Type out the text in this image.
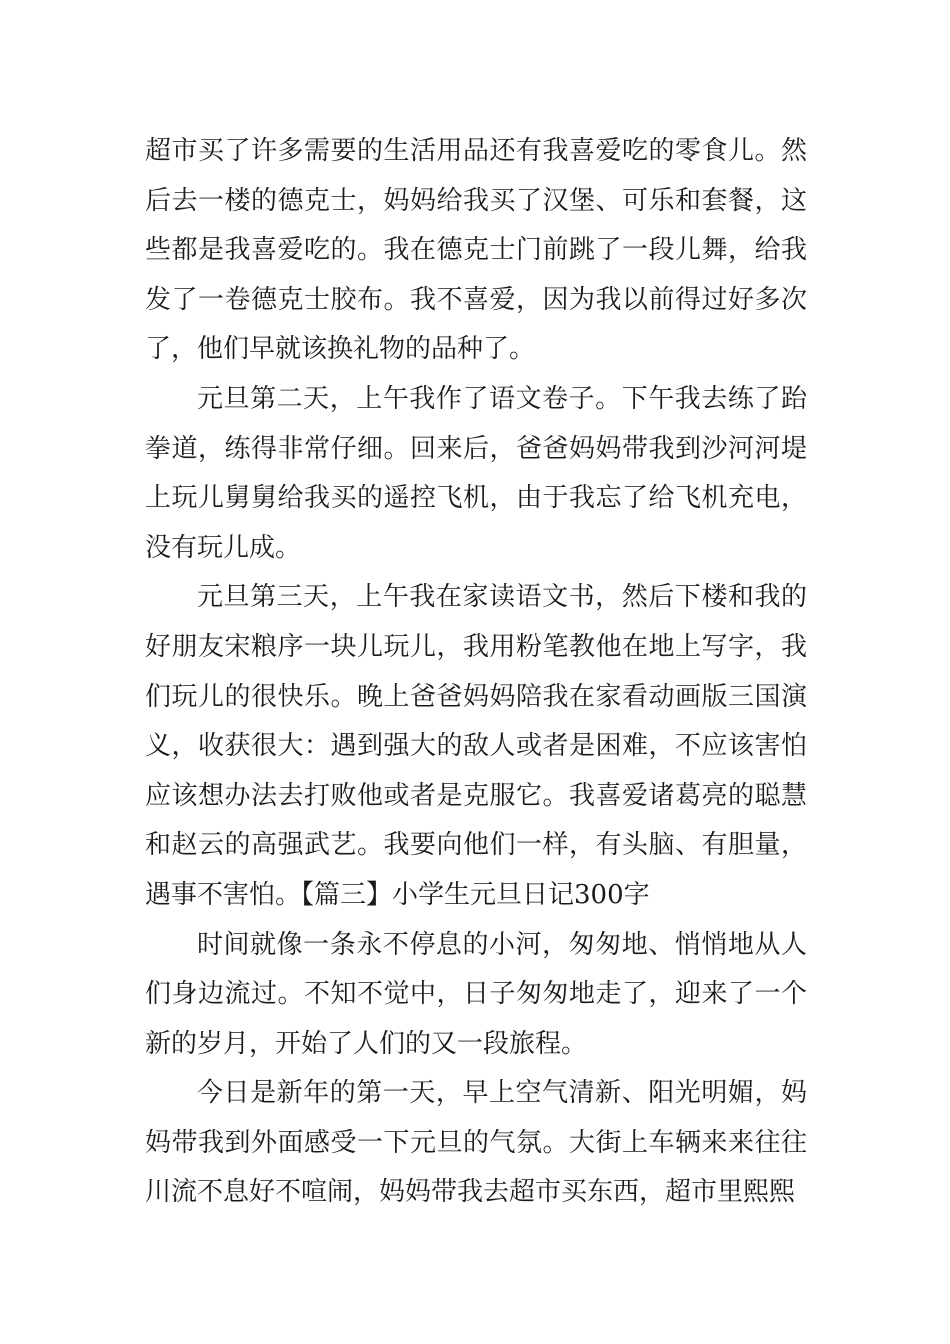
超市买了许多需要的生活用品还有我喜爱吃的零食儿。然后去一楼的德克士，妈妈给我买了汉堡、可乐和套餐，这些都是我喜爱吃的。我在德克士门前跳了一段儿舞，给我发了一卷德克士胶布。我不喜爱，因为我以前得过好多次了，他们早就该换礼物的品种了。

元旦第二天，上午我作了语文卷子。下午我去练了跆拳道，练得非常仔细。回来后，爸爸妈妈带我到沙河河堤上玩儿舅舅给我买的遥控飞机，由于我忘了给飞机充电，没有玩儿成。

元旦第三天，上午我在家读语文书，然后下楼和我的好朋友宋粮序一块儿玩儿，我用粉笔教他在地上写字，我们玩儿的很快乐。晚上爸爸妈妈陪我在家看动画版三国演义，收获很大：遇到强大的敌人或者是困难，不应该害怕应该想办法去打败他或者是克服它。我喜爱诸葛亮的聪慧和赵云的高强武艺。我要向他们一样，有头脑、有胆量，遇事不害怕。【篇三】小学生元旦日记300字

时间就像一条永不停息的小河，匆匆地、悄悄地从人们身边流过。不知不觉中，日子匆匆地走了，迎来了一个新的岁月，开始了人们的又一段旅程。

今日是新年的第一天，早上空气清新、阳光明媚，妈妈带我到外面感受一下元旦的气氛。大街上车辆来来往往川流不息好不喧闹，妈妈带我去超市买东西，超市里熙熙
